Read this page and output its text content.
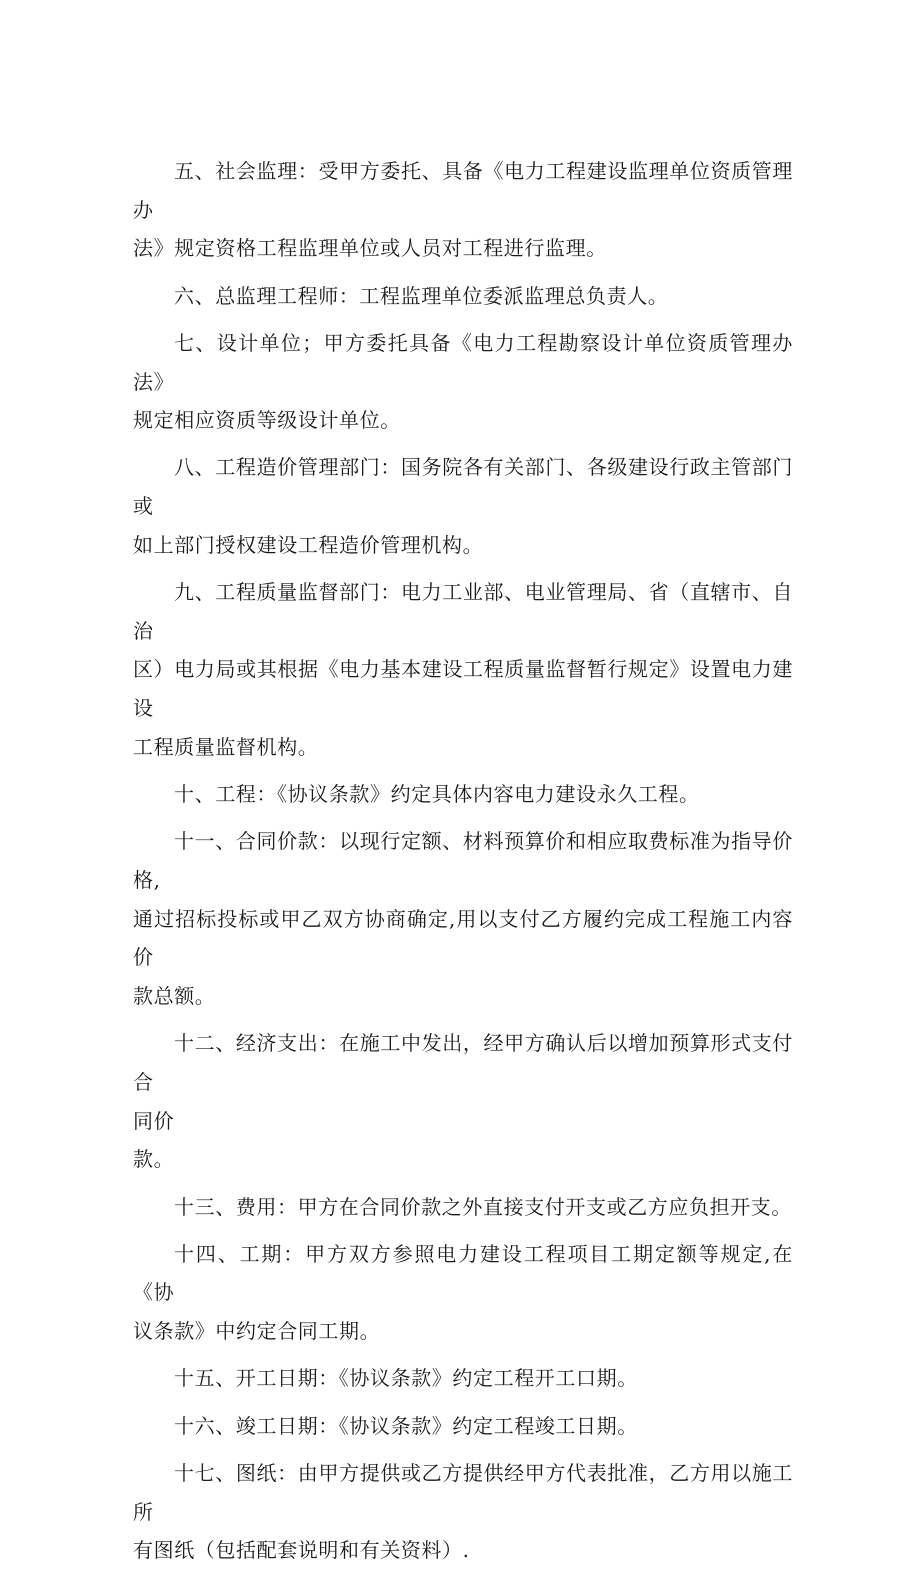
五、社会监理：受甲方委托、具备《电力工程建设监理单位资质管理办
法》规定资格工程监理单位或人员对工程进行监理。

六、总监理工程师：工程监理单位委派监理总负责人。

七、设计单位；甲方委托具备《电力工程勘察设计单位资质管理办法》
规定相应资质等级设计单位。

八、工程造价管理部门：国务院各有关部门、各级建设行政主管部门或
如上部门授权建设工程造价管理机构。

九、工程质量监督部门：电力工业部、电业管理局、省（直辖市、自治
区）电力局或其根据《电力基本建设工程质量监督暂行规定》设置电力建设
工程质量监督机构。

十、工程：《协议条款》约定具体内容电力建设永久工程。

十一、合同价款：以现行定额、材料预算价和相应取费标准为指导价格,
通过招标投标或甲乙双方协商确定,用以支付乙方履约完成工程施工内容价
款总额。

十二、经济支出：在施工中发出，经甲方确认后以增加预算形式支付合
同价
款。

十三、费用：甲方在合同价款之外直接支付开支或乙方应负担开支。

十四、工期：甲方双方参照电力建设工程项目工期定额等规定,在《协
议条款》中约定合同工期。

十五、开工日期：《协议条款》约定工程开工口期。

十六、竣工日期：《协议条款》约定工程竣工日期。

十七、图纸：由甲方提供或乙方提供经甲方代表批准，乙方用以施工所
有图纸（包括配套说明和有关资料）.
